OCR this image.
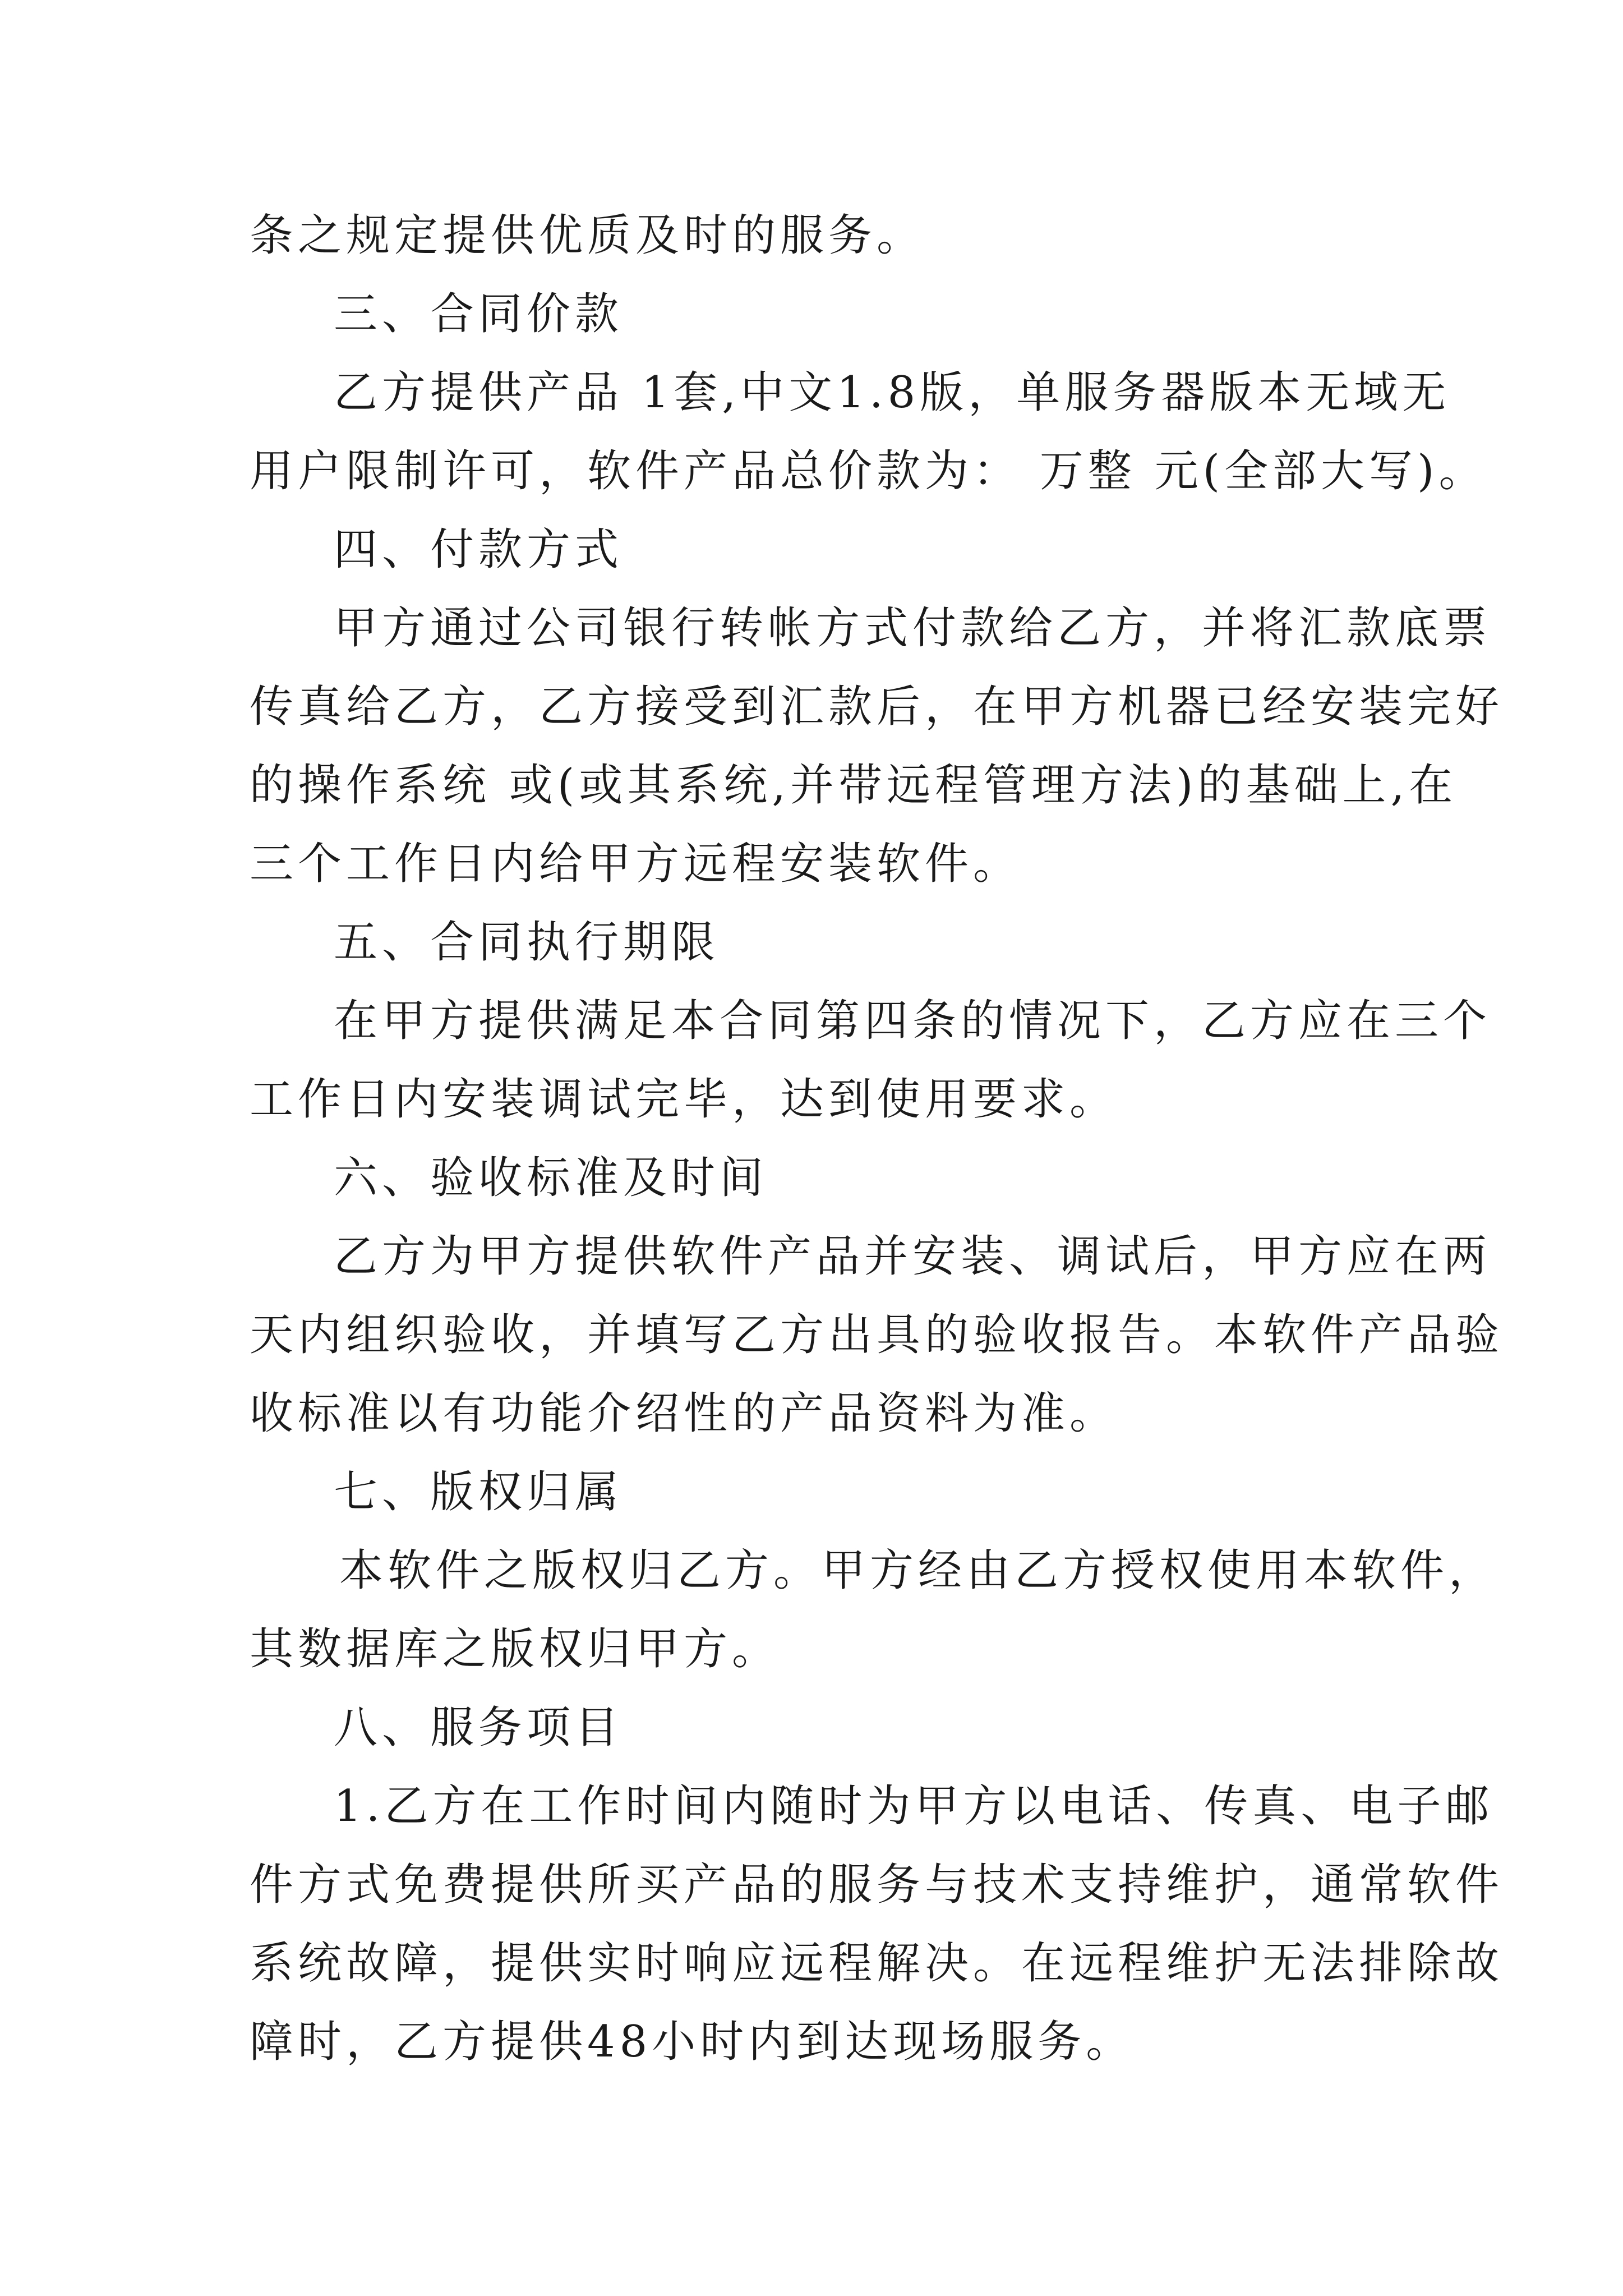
条之规定提供优质及时的服务。
三、合同价款
乙方提供产品 1套,中文1.8版，单服务器版本无域无
用户限制许可，软件产品总价款为： 万整 元(全部大写)。
四、付款方式
甲方通过公司银行转帐方式付款给乙方，并将汇款底票
传真给乙方，乙方接受到汇款后，在甲方机器已经安装完好
的操作系统 或(或其系统,并带远程管理方法)的基础上,在
三个工作日内给甲方远程安装软件。
五、合同执行期限
在甲方提供满足本合同第四条的情况下，乙方应在三个
工作日内安装调试完毕，达到使用要求。
六、验收标准及时间
乙方为甲方提供软件产品并安装、调试后，甲方应在两
天内组织验收，并填写乙方出具的验收报告。本软件产品验
收标准以有功能介绍性的产品资料为准。
七、版权归属
本软件之版权归乙方。甲方经由乙方授权使用本软件，
其数据库之版权归甲方。
八、服务项目
1.乙方在工作时间内随时为甲方以电话、传真、电子邮
件方式免费提供所买产品的服务与技术支持维护，通常软件
系统故障，提供实时响应远程解决。在远程维护无法排除故
障时，乙方提供48小时内到达现场服务。
